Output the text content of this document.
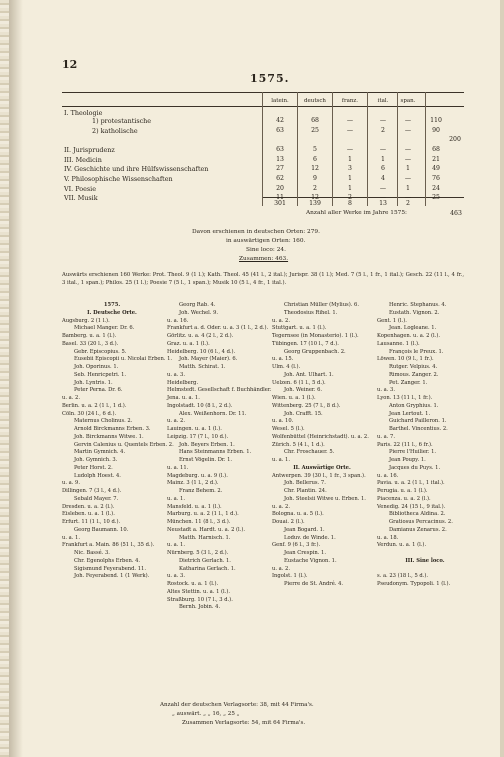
12
1575.
latein.	deutsch	franz.	ital.	span.
I. Theologie
1) protestantische	42	68	—	—	—	110
2) katholische	63	25	—	2	—	90
200
II. Jurisprudenz	63	5	—	—	—	68
III. Medicin	13	6	1	1	—	21
IV. Geschichte und ihre Hülfswissenschaften	27	12	3	6	1	49
V. Philosophische Wissenschaften	62	9	1	4	—	76
VI. Poesie	20	2	1	—	1	24
VII. Musik	11	12	2	—	—	25
301	139	8	13	2
Anzahl aller Werke im Jahre 1575:	463
Davon erschienen in deutschen Orten: 279.
in auswärtigen Orten: 160.
Sine loco: 24.
Zusammen: 463.
Auswärts erschienen 160 Werke: Prot. Theol. 9 (1 l.); Kath. Theol. 45 (41 l., 2 ital.); Jurispr. 38 (1 l.); Med. 7 (5 l., 1 fr., 1 ital.); Gesch. 22 (11 l., 4 fr., 3 ital., 1 span.); Philos. 25 (1 l.); Poesie 7 (5 l., 1 span.); Musik 10 (5 l., 4 fr., 1 ital.).
1575.
I. Deutsche Orte.
Augsburg. 2 (1 l.).
Michael Manger. Dr. 6.
Bamberg. u. a. 1 (l.).
Basel. 33 (20 l., 3 d.).
Gebr. Episcopius. 5.
Eusebii Episcopii u. Nicolai Erben. 1.
Joh. Oporinus. 1.
Seb. Henricpetri. 1.
Joh. Lyntris. 1.
Peter Perna. Dr. 6.
u. a. 2.
Berlin. u. a. 2 (1 l., 1 d.).
Cöln. 30 (24 l., 6 d.).
Maternus Cholinus. 2.
Arnold Birckmanns Erben. 3.
Joh. Birckmanns Witwe. 1.
Gervin Calenius u. Quentels Erben. 2.
Martin Gymnich. 4.
Joh. Gymnich. 3.
Peter Horst. 2.
Ludolph Hoest. 4.
u. a. 9.
Dillingen. 7 (3 l., 4 d.).
Sebald Mayer. 7.
Dresden. u. a. 2 (l.).
Eisleben. u. a. 1 (l.).
Erfurt. 11 (1 l., 10 d.).
Georg Baumann. 10.
u. a. 1.
Frankfurt a. Main. 86 (51 l., 35 d.).
Nic. Bassé. 3.
Chr. Egenolphs Erben. 4.
Sigismund Feyerabend. 11.
Joh. Feyerabend. 1 (1 Werk).
Georg Rab. 4.
Joh. Wechel. 9.
u. a. 16.
Frankfurt a. d. Oder. u. a. 3 (1 l., 2 d.).
Görlitz. u. a. 4 (2 l., 2 d.).
Graz. u. a. 1 (l.).
Heidelberg. 10 (6 l., 4 d.).
Joh. Mayer (Maier). 6.
Matth. Schirat. 1.
u. a. 3.
Heidelberg.
Helmstedt. Gesellschaft f. Buchhändler.
Jena. u. a. 1.
Ingolstadt. 10 (8 l., 2 d.).
Alex. Weißenhorn. Dr. 11.
u. a. 2.
Lauingen. u. a. 1 (l.).
Leipzig. 17 (7 l., 10 d.).
Joh. Beyers Erben. 1.
Hans Steinmanns Erben. 1.
Ernst Vögelin. Dr. 1.
u. a. 11.
Magdeburg. u. a. 9 (l.).
Mainz. 3 (1 l., 2 d.).
Franz Behem. 2.
u. a. 1.
Mansfeld. u. a. 1 (l.).
Marburg. u. a. 2 (1 l., 1 d.).
München. 11 (8 l., 3 d.).
Neustadt a. Hardt. u. a. 2 (l.).
Matth. Harnisch. 1.
u. a. 1.
Nürnberg. 5 (3 l., 2 d.).
Dietrich Gerlach. 1.
Katharina Gerlach. 1.
u. a. 3.
Rostock. u. a. 1 (l.).
Altes Stettin. u. a. 1 (l.).
Straßburg. 10 (7 l., 3 d.).
Bernh. Jobin. 4.
Christian Müller (Mylius). 6.
Theodosius Rihel. 1.
u. a. 2.
Stuttgart. u. a. 1 (l.).
Tegernsee (in Monasterio). 1 (l.).
Tübingen. 17 (10 l., 7 d.).
Georg Gruppenbach. 2.
u. a. 15.
Ulm. 4 (l.).
Joh. Ant. Ulhart. 1.
Uelzen. 6 (1 l., 5 d.).
Joh. Weiner. 6.
Wien. u. a. 1 (l.).
Wittenberg. 25 (7 l., 8 d.).
Joh. Crafft. 15.
u. a. 10.
Wesel. 5 (l.).
Wolfenbüttel (Heinrichstadt). u. a. 2.
Zürich. 5 (4 l., 1 d.).
Chr. Froschauer. 5.
u. a. 1.
II. Auswärtige Orte.
Antwerpen. 39 (30 l., 1 fr., 3 span.).
Joh. Bellerus. 7.
Chr. Plantin. 24.
Joh. Steelsii Witwe u. Erben. 1.
u. a. 2.
Bologna. u. a. 5 (l.).
Douai. 2 (l.).
Jean Bogard. 1.
Loduv. de Winde. 1.
Genf. 9 (6 l., 3 fr.).
Jean Crespin. 1.
Eustache Vignon. 1.
u. a. 2.
Ingolst. 1 (l.).
Pierre de St. André. 4.
Henric. Stephanus. 4.
Eustath. Vignon. 2.
Gent. 1 (l.).
Jean. Logleane. 1.
Kopenhagen. u. a. 2 (l.).
Lausanne. 1 (l.).
François le Preux. 1.
Löwen. 10 (9 l., 1 fr.).
Rutger. Velpius. 4.
Rimous. Zanger. 2.
Pet. Zanger. 1.
u. a. 3.
Lyon. 13 (11 l., 1 fr.).
Anton Gryphius. 1.
Jean Lertout. 1.
Guichard Pailleron. 1.
Barthel. Vincentius. 2.
u. a. 7.
Paris. 22 (11 l., 6 fr.).
Pierre l'Huilier. 1.
Jean Poupy. 1.
Jacques du Puys. 1.
u. a. 16.
Pavia. u. a. 2 (1 l., 1 ital.).
Perugia. u. a. 1 (l.).
Piacenza. u. a. 2 (l.).
Venedig. 24 (15 l., 9 ital.).
Bibliotheca Aldina. 2.
Gratiosus Percacinus. 2.
Damianus Zenarus. 2.
u. a. 18.
Verdun. u. a. 1 (l.).

III. Sine loco.

s. a. 23 (18 l., 5 d.).
Pseudonym. Typopoli. 1 (l.).
Anzahl der deutschen Verlagsorte: 38, mit 44 Firma's.
„ auswärt. „ „ 16, „ 25 „
Zusammen Verlagsorte: 54, mit 64 Firma's.
